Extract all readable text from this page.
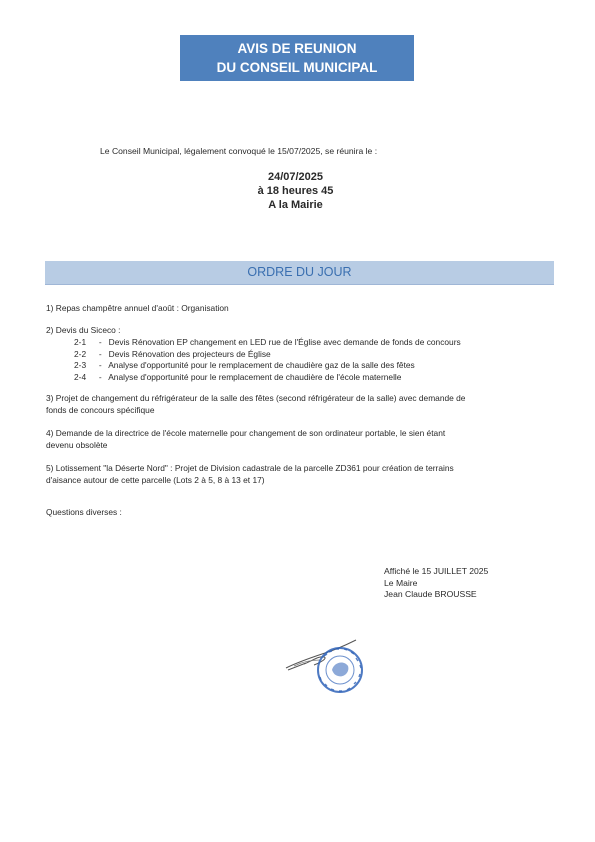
AVIS DE REUNION
DU CONSEIL MUNICIPAL
Le Conseil Municipal, légalement convoqué le 15/07/2025, se réunira le :
24/07/2025
à 18 heures 45
A la Mairie
ORDRE DU JOUR
1) Repas champêtre annuel d'août : Organisation
2) Devis du Siceco :
2-1 - Devis Rénovation EP changement en LED rue de l'Église avec demande de fonds de concours
2-2 - Devis Rénovation des projecteurs de Église
2-3 - Analyse d'opportunité pour le remplacement de chaudière gaz de la salle des fêtes
2-4 - Analyse d'opportunité pour le remplacement de chaudière de l'école maternelle
3) Projet de changement du réfrigérateur de la salle des fêtes (second réfrigérateur de la salle) avec demande de
fonds de concours spécifique
4) Demande de la directrice de l'école maternelle pour changement de son ordinateur portable, le sien étant
devenu obsolète
5) Lotissement "la Déserte Nord" : Projet de Division cadastrale de la parcelle ZD361 pour création de terrains
d'aisance autour de cette parcelle (Lots 2 à 5, 8 à 13 et 17)
Questions diverses :
Affiché le 15 JUILLET 2025
Le Maire
Jean Claude BROUSSE
